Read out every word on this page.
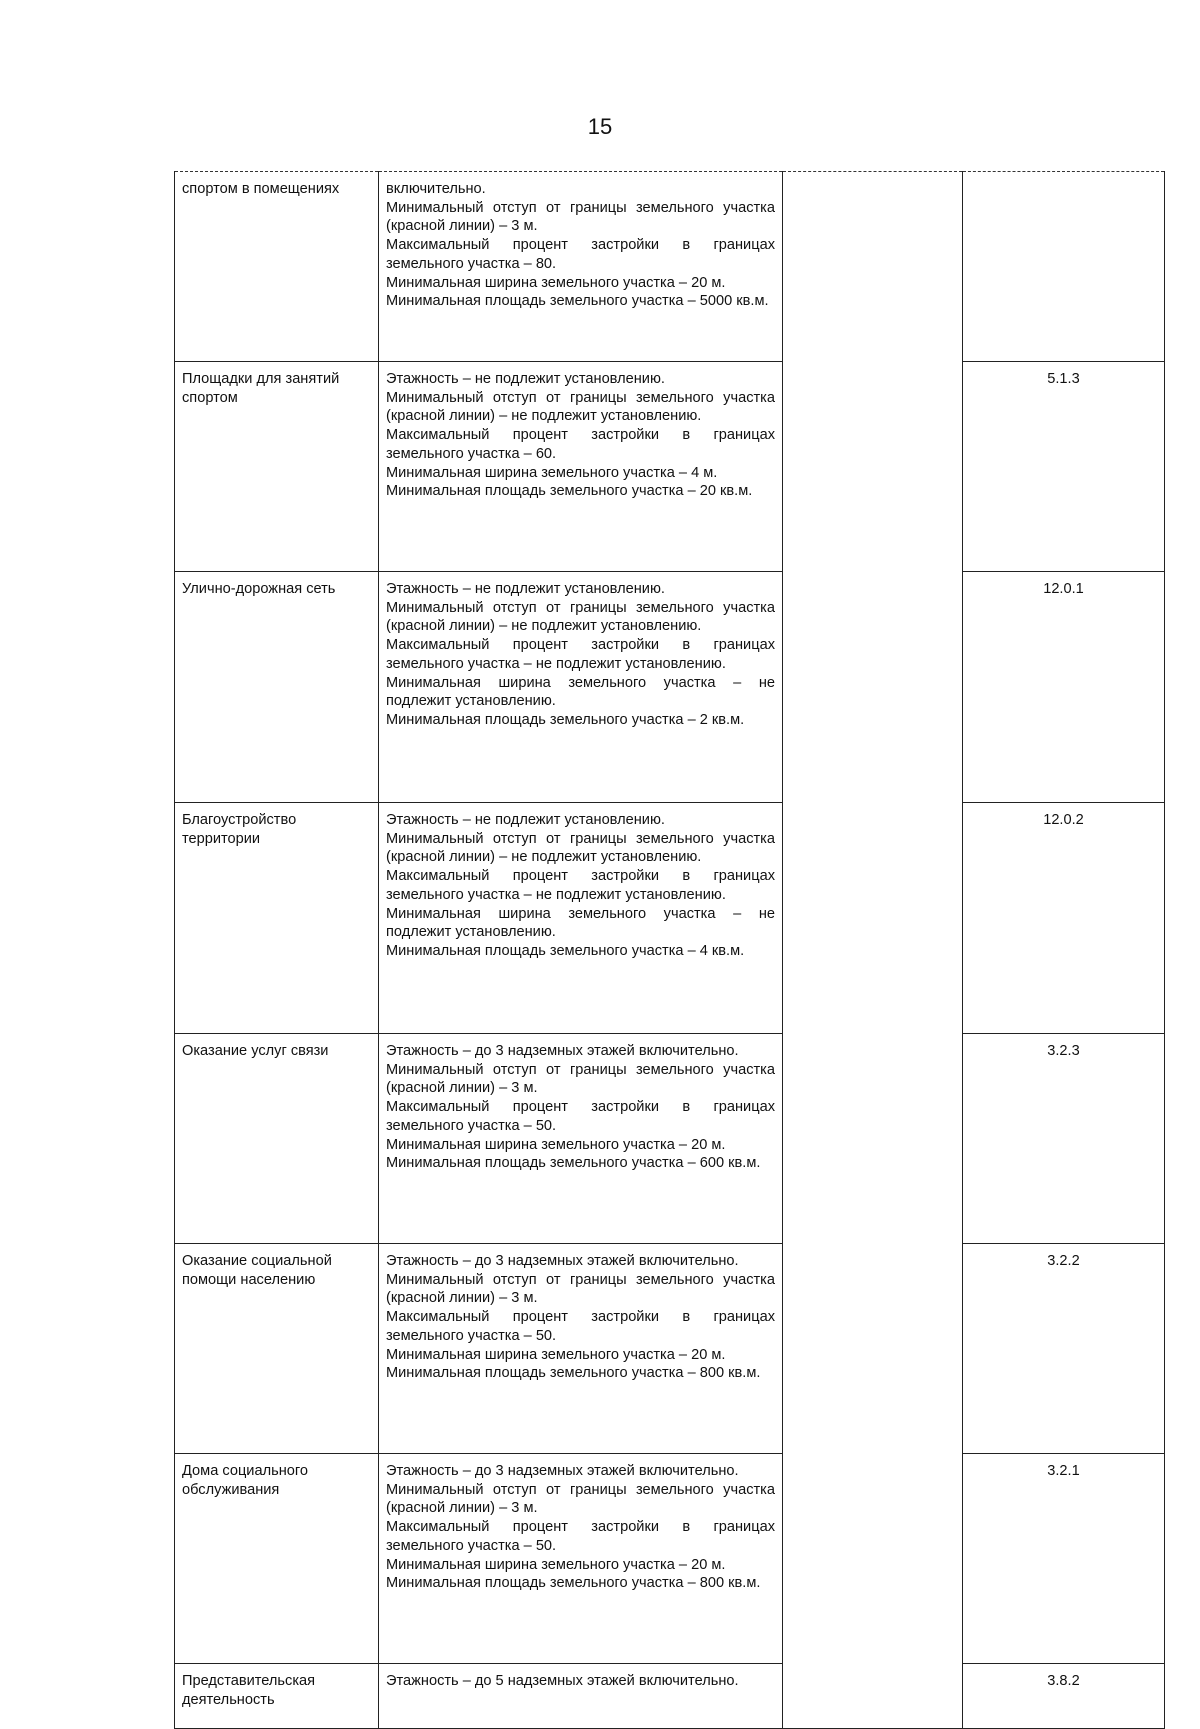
15
спортом в помещениях	включительно.
Минимальный отступ от границы земельного участка (красной линии) – 3 м.
Максимальный процент застройки в границах земельного участка – 80.
Минимальная ширина земельного участка – 20 м.
Минимальная площадь земельного участка – 5000 кв.м.		

Площадки для занятий спортом	Этажность – не подлежит установлению.
Минимальный отступ от границы земельного участка (красной линии) – не подлежит установлению.
Максимальный процент застройки в границах земельного участка – 60.
Минимальная ширина земельного участка – 4 м.
Минимальная площадь земельного участка – 20 кв.м.		5.1.3
Улично-дорожная сеть	Этажность – не подлежит установлению.
Минимальный отступ от границы земельного участка (красной линии) – не подлежит установлению.
Максимальный процент застройки в границах земельного участка – не подлежит установлению.
Минимальная ширина земельного участка – не подлежит установлению.
Минимальная площадь земельного участка – 2 кв.м.		12.0.1
Благоустройство территории	Этажность – не подлежит установлению.
Минимальный отступ от границы земельного участка (красной линии) – не подлежит установлению.
Максимальный процент застройки в границах земельного участка – не подлежит установлению.
Минимальная ширина земельного участка – не подлежит установлению.
Минимальная площадь земельного участка – 4 кв.м.		12.0.2
Оказание услуг связи	Этажность – до 3 надземных этажей включительно.
Минимальный отступ от границы земельного участка (красной линии) – 3 м.
Максимальный процент застройки в границах земельного участка – 50.
Минимальная ширина земельного участка – 20 м.
Минимальная площадь земельного участка – 600 кв.м.		3.2.3
Оказание социальной помощи населению	Этажность – до 3 надземных этажей включительно.
Минимальный отступ от границы земельного участка (красной линии) – 3 м.
Максимальный процент застройки в границах земельного участка – 50.
Минимальная ширина земельного участка – 20 м.
Минимальная площадь земельного участка – 800 кв.м.		3.2.2
Дома социального обслуживания	Этажность – до 3 надземных этажей включительно.
Минимальный отступ от границы земельного участка (красной линии) – 3 м.
Максимальный процент застройки в границах земельного участка – 50.
Минимальная ширина земельного участка – 20 м.
Минимальная площадь земельного участка – 800 кв.м.		3.2.1
Представительская деятельность	Этажность – до 5 надземных этажей включительно.		3.8.2
